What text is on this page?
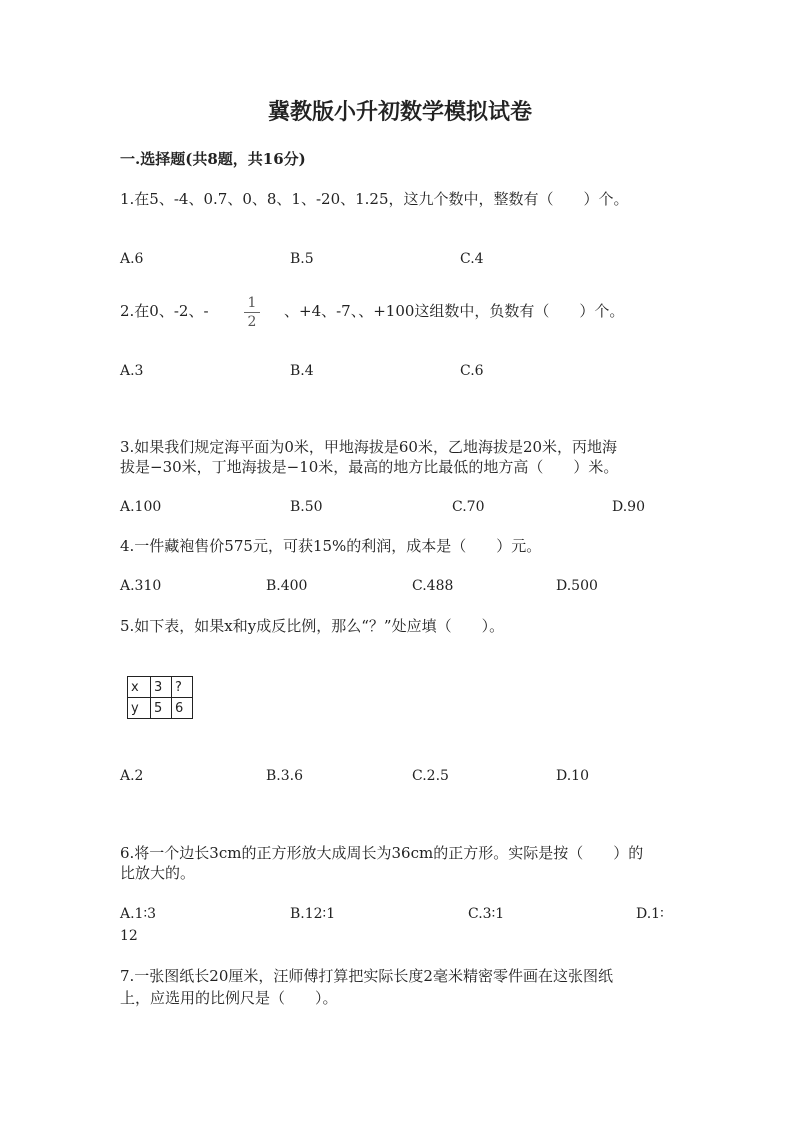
冀教版小升初数学模拟试卷
一.选择题(共8题，共16分)
1.在5、-4、0.7、0、8、1、-20、1.25，这九个数中，整数有（　　）个。
A.6	B.5	C.4
2.在0、-2、-	1
2
、+4、-7、、+100这组数中，负数有（　　）个。
A.3	B.4	C.6
3.如果我们规定海平面为0米，甲地海拔是60米，乙地海拔是20米，丙地海
拔是−30米，丁地海拔是−10米，最高的地方比最低的地方高（　　）米。
A.100	B.50	C.70	D.90
4.一件藏袍售价575元，可获15%的利润，成本是（　　）元。
A.310	B.400	C.488	D.500
5.如下表，如果x和y成反比例，那么“？”处应填（　　）。
x	3	?
y	5	6
A.2	B.3.6	C.2.5	D.10
6.将一个边长3cm的正方形放大成周长为36cm的正方形。实际是按（　　）的
比放大的。
A.1∶3	B.12∶1	C.3∶1	D.1∶
12
7.一张图纸长20厘米，汪师傅打算把实际长度2毫米精密零件画在这张图纸
上，应选用的比例尺是（　　）。
